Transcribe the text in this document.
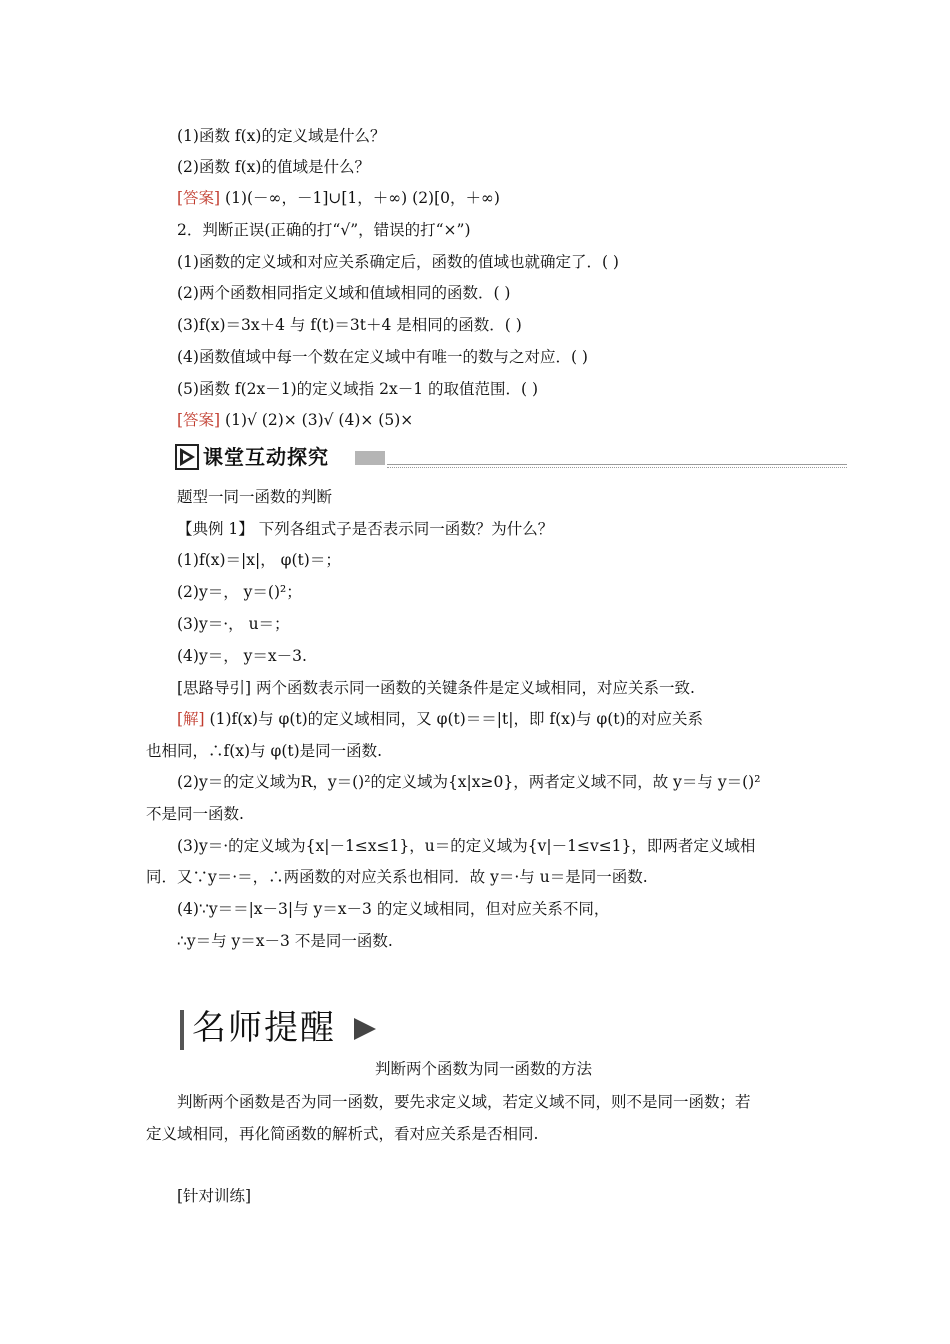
(1)函数 f(x)的定义域是什么？
(2)函数 f(x)的值域是什么？
[答案] (1)(－∞，－1]∪[1，＋∞) (2)[0，＋∞)
2．判断正误(正确的打“√”，错误的打“×”)
(1)函数的定义域和对应关系确定后，函数的值域也就确定了．( )
(2)两个函数相同指定义域和值域相同的函数．( )
(3)f(x)＝3x＋4 与 f(t)＝3t＋4 是相同的函数．( )
(4)函数值域中每一个数在定义域中有唯一的数与之对应．( )
(5)函数 f(2x－1)的定义域指 2x－1 的取值范围．( )
[答案] (1)√ (2)× (3)√ (4)× (5)×
课堂互动探究
题型一同一函数的判断
【典例 1】 下列各组式子是否表示同一函数？为什么？
(1)f(x)＝|x|， φ(t)＝；
(2)y＝， y＝()²；
(3)y＝·， u＝；
(4)y＝， y＝x－3.
[思路导引] 两个函数表示同一函数的关键条件是定义域相同，对应关系一致.
[解] (1)f(x)与 φ(t)的定义域相同，又 φ(t)＝＝|t|，即 f(x)与 φ(t)的对应关系
也相同，∴f(x)与 φ(t)是同一函数.
(2)y＝的定义域为R，y＝()²的定义域为{x|x≥0}，两者定义域不同，故 y＝与 y＝()²
不是同一函数.
(3)y＝·的定义域为{x|－1≤x≤1}，u＝的定义域为{v|－1≤v≤1}，即两者定义域相
同．又∵y＝·＝，∴两函数的对应关系也相同．故 y＝·与 u＝是同一函数.
(4)∵y＝＝|x－3|与 y＝x－3 的定义域相同，但对应关系不同，
∴y＝与 y＝x－3 不是同一函数.
名师提醒
判断两个函数为同一函数的方法
判断两个函数是否为同一函数，要先求定义域，若定义域不同，则不是同一函数；若
定义域相同，再化简函数的解析式，看对应关系是否相同.
[针对训练]
